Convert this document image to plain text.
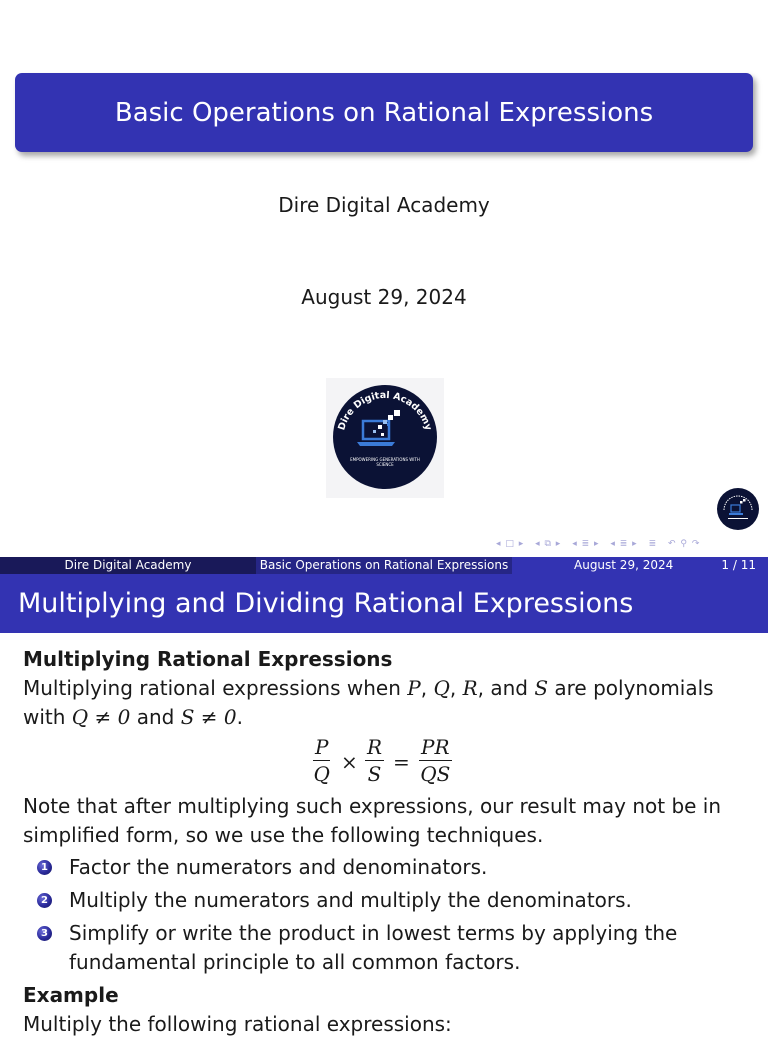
Basic Operations on Rational Expressions
Dire Digital Academy
August 29, 2024
Dire Digital Academy
EMPOWERING GENERATIONS WITH
SCIENCE
◂ □ ▸ ◂ ⧉ ▸ ◂ ≣ ▸ ◂ ≣ ▸ ≣ ↶ ⚲ ↷
Dire Digital Academy	Basic Operations on Rational Expressions	August 29, 2024	1 / 11
Multiplying and Dividing Rational Expressions
Multiplying Rational Expressions
Multiplying rational expressions when P, Q, R, and S are polynomials
with Q ≠ 0 and S ≠ 0.
$\frac{P}{Q} \times \frac{R}{S} = \frac{PR}{QS}$
Note that after multiplying such expressions, our result may not be in simplified form, so we use the following techniques.
1 Factor the numerators and denominators.
2 Multiply the numerators and multiply the denominators.
3 Simplify or write the product in lowest terms by applying the fundamental principle to all common factors.
Example
Multiply the following rational expressions:
